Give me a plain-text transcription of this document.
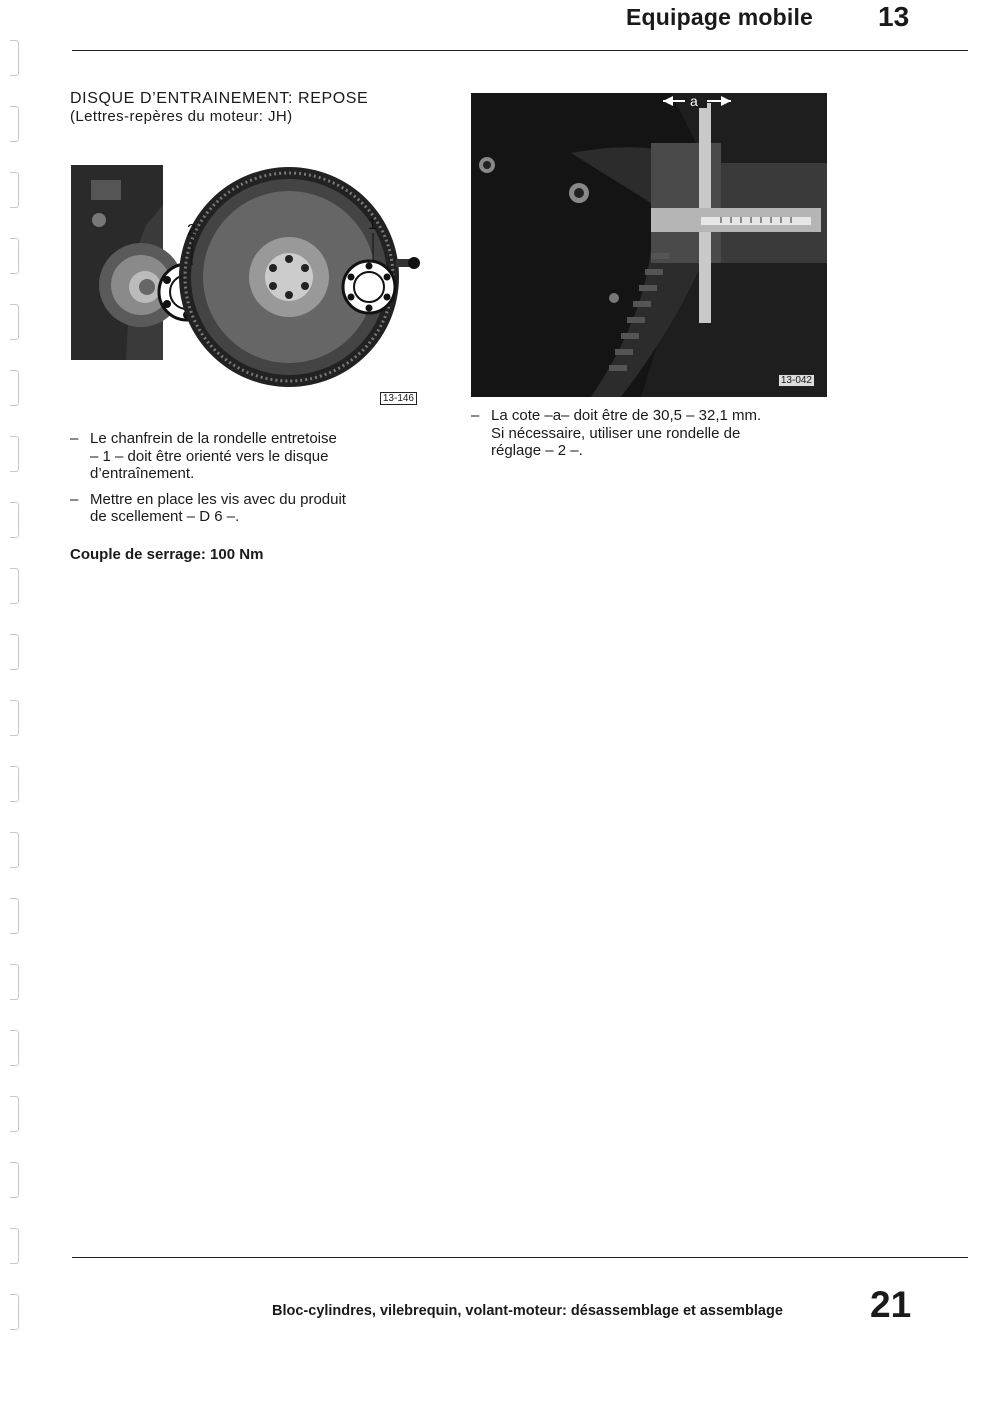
Equipage mobile 13
DISQUE D’ENTRAINEMENT: REPOSE
(Lettres-repères du moteur: JH)
2	1
13-146
a
13-042
– Le chanfrein de la rondelle entretoise
– 1 – doit être orienté vers le disque
d’entraînement.
– Mettre en place les vis avec du produit
de scellement – D 6 –.
Couple de serrage: 100 Nm
– La cote –a– doit être de 30,5 – 32,1 mm.
Si nécessaire, utiliser une rondelle de
réglage – 2 –.
Bloc-cylindres, vilebrequin, volant-moteur: désassemblage et assemblage 21
